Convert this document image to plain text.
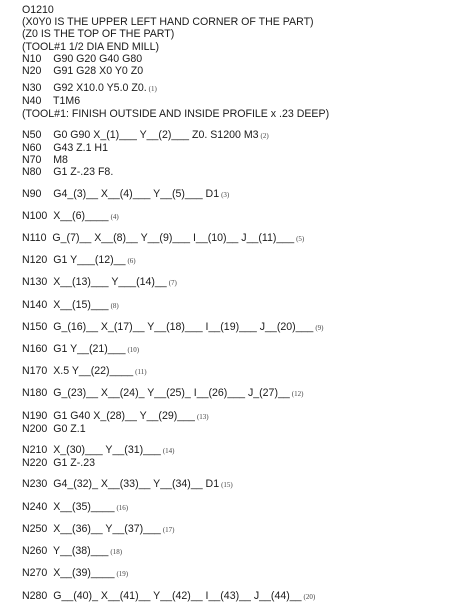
O1210
(X0Y0 IS THE UPPER LEFT HAND CORNER OF THE PART)
(Z0 IS THE TOP OF THE PART)
(TOOL#1 1/2 DIA END MILL)
N10    G90 G20 G40 G80
N20    G91 G28 X0 Y0 Z0
N30    G92 X10.0 Y5.0 Z0. (1)
N40    T1M6
(TOOL#1: FINISH OUTSIDE AND INSIDE PROFILE x .23 DEEP)
N50    G0 G90 X_(1)___ Y__(2)___ Z0. S1200 M3 (2)
N60    G43 Z.1 H1
N70    M8
N80    G1 Z-.23 F8.
N90    G4_(3)__ X__(4)___ Y__(5)___ D1 (3)
N100  X__(6)____ (4)
N110  G_(7)__ X__(8)__ Y__(9)___ I__(10)__ J__(11)___ (5)
N120  G1 Y___(12)__ (6)
N130  X__(13)___ Y___(14)__ (7)
N140  X__(15)___ (8)
N150  G_(16)__ X_(17)__ Y__(18)___ I__(19)___ J__(20)___ (9)
N160  G1 Y__(21)___ (10)
N170  X.5 Y__(22)____ (11)
N180  G_(23)__ X__(24)_ Y__(25)_ I__(26)___ J_(27)__ (12)
N190  G1 G40 X_(28)__ Y__(29)___ (13)
N200  G0 Z.1
N210  X_(30)___ Y__(31)___ (14)
N220  G1 Z-.23
N230  G4_(32)_ X__(33)__ Y__(34)__ D1 (15)
N240  X__(35)____ (16)
N250  X__(36)__ Y__(37)___ (17)
N260  Y__(38)___ (18)
N270  X__(39)____ (19)
N280  G__(40)_ X__(41)__ Y__(42)__ I__(43)__ J__(44)__ (20)
